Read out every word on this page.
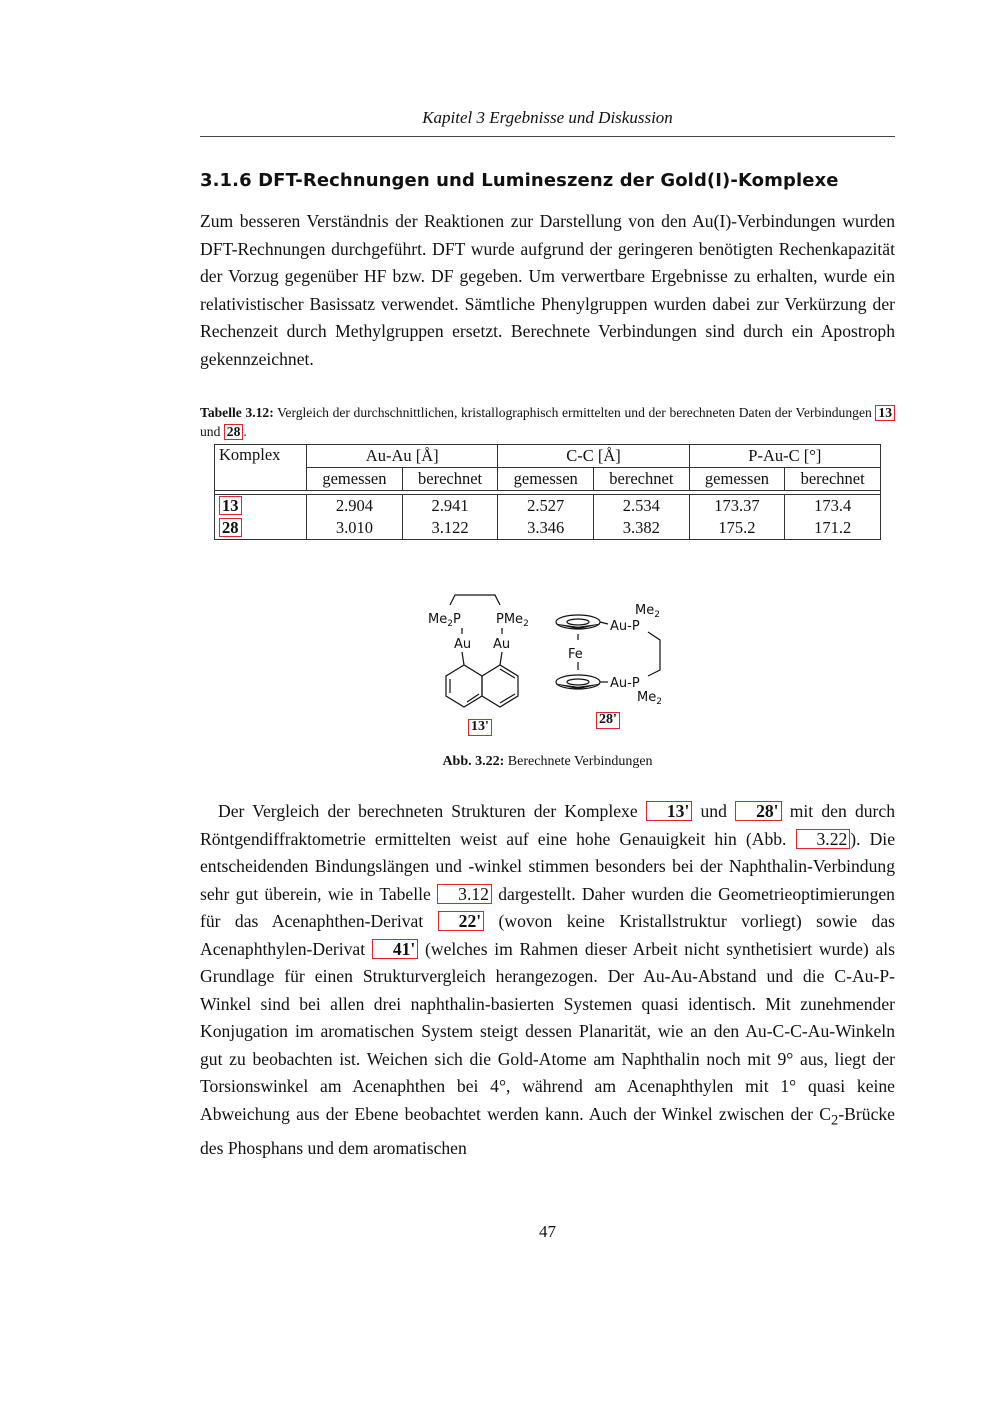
Kapitel 3 Ergebnisse und Diskussion
3.1.6 DFT-Rechnungen und Lumineszenz der Gold(I)-Komplexe
Zum besseren Verständnis der Reaktionen zur Darstellung von den Au(I)-Verbindungen wurden DFT-Rechnungen durchgeführt. DFT wurde aufgrund der geringeren benötigten Rechenkapazität der Vorzug gegenüber HF bzw. DF gegeben. Um verwertbare Ergebnisse zu erhalten, wurde ein relativistischer Basissatz verwendet. Sämtliche Phenylgruppen wurden dabei zur Verkürzung der Rechenzeit durch Methylgruppen ersetzt. Berechnete Verbindungen sind durch ein Apostroph gekennzeichnet.
Tabelle 3.12: Vergleich der durchschnittlichen, kristallographisch ermittelten und der berechneten Daten der Verbindungen 13 und 28 .
Komplex	Au-Au [Å]		C-C [Å]		P-Au-C [°]	
	gemessen	berechnet	gemessen	berechnet	gemessen	berechnet

13	2.904	2.941	2.527	2.534	173.37	173.4
28	3.010	3.122	3.346	3.382	175.2	171.2
$Me_2P$	PMe$_2$
Au Au
Fe
Au-P
$Me_2$
Au-P
$Me_2$
13'	28'
Abb. 3.22: Berechnete Verbindungen
Der Vergleich der berechneten Strukturen der Komplexe 13' und 28' mit den durch Röntgendiffraktometrie ermittelten weist auf eine hohe Genauigkeit hin (Abb. 3.22 ). Die entscheidenden Bindungslängen und -winkel stimmen besonders bei der Naphthalin-Verbindung sehr gut überein, wie in Tabelle 3.12 dargestellt. Daher wurden die Geometrieoptimierungen für das Acenaphthen-Derivat 22' (wovon keine Kristallstruktur vorliegt) sowie das Acenaphthylen-Derivat 41' (welches im Rahmen dieser Arbeit nicht synthetisiert wurde) als Grundlage für einen Strukturvergleich herangezogen. Der Au-Au-Abstand und die C-Au-P-Winkel sind bei allen drei naphthalin-basierten Systemen quasi identisch. Mit zunehmender Konjugation im aromatischen System steigt dessen Planarität, wie an den Au-C-C-Au-Winkeln gut zu beobachten ist. Weichen sich die Gold-Atome am Naphthalin noch mit 9° aus, liegt der Torsionswinkel am Acenaphthen bei 4°, während am Acenaphthylen mit 1° quasi keine Abweichung aus der Ebene beobachtet werden kann. Auch der Winkel zwischen der $C_2$-Brücke des Phosphans und dem aromatischen
47
